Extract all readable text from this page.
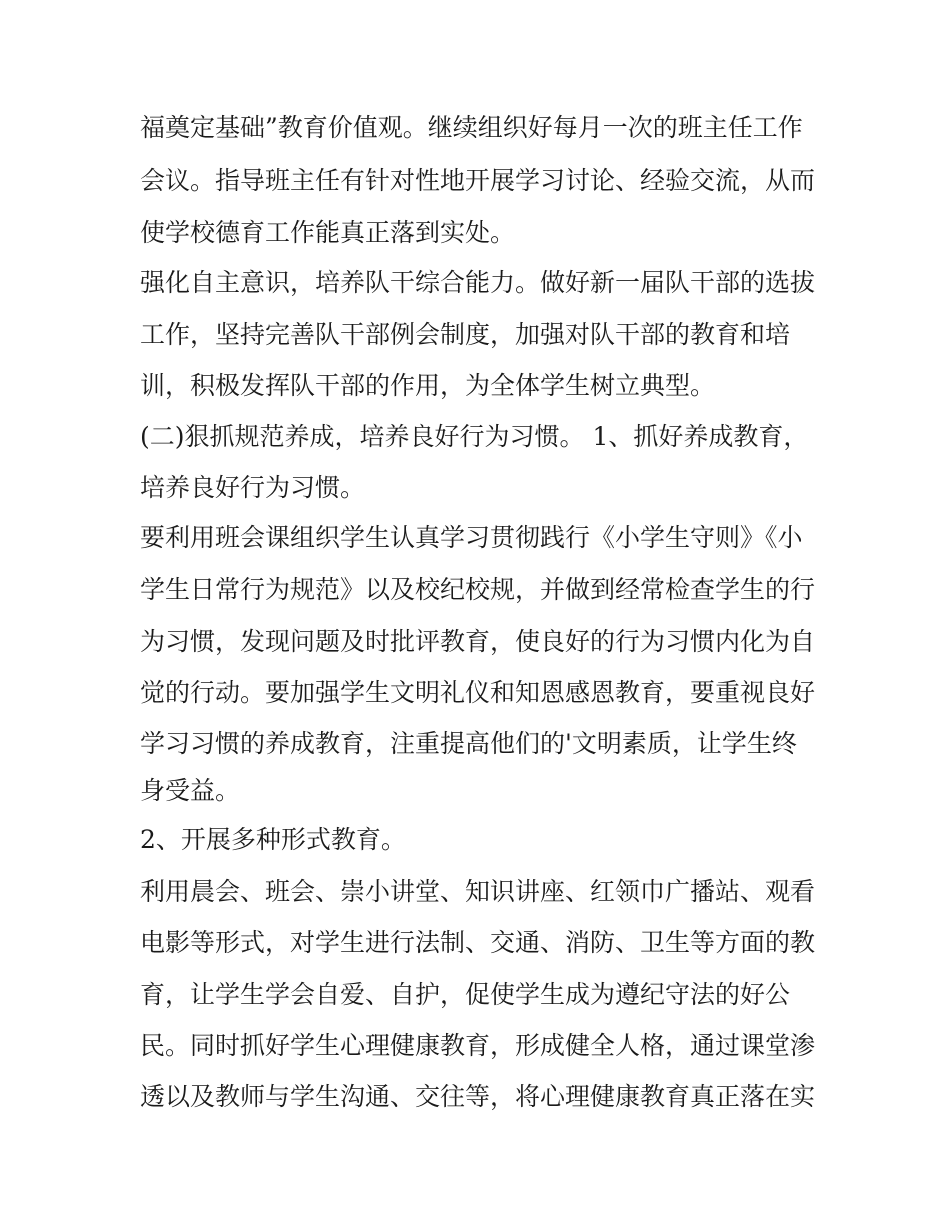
福奠定基础”教育价值观。继续组织好每月一次的班主任工作
会议。指导班主任有针对性地开展学习讨论、经验交流，从而
使学校德育工作能真正落到实处。
强化自主意识，培养队干综合能力。做好新一届队干部的选拔
工作，坚持完善队干部例会制度，加强对队干部的教育和培
训，积极发挥队干部的作用，为全体学生树立典型。
(二)狠抓规范养成，培养良好行为习惯。 1、抓好养成教育，
培养良好行为习惯。
要利用班会课组织学生认真学习贯彻践行《小学生守则》《小
学生日常行为规范》以及校纪校规，并做到经常检查学生的行
为习惯，发现问题及时批评教育，使良好的行为习惯内化为自
觉的行动。要加强学生文明礼仪和知恩感恩教育，要重视良好
学习习惯的养成教育，注重提高他们的'文明素质，让学生终
身受益。
2、开展多种形式教育。
利用晨会、班会、崇小讲堂、知识讲座、红领巾广播站、观看
电影等形式，对学生进行法制、交通、消防、卫生等方面的教
育，让学生学会自爱、自护，促使学生成为遵纪守法的好公
民。同时抓好学生心理健康教育，形成健全人格，通过课堂渗
透以及教师与学生沟通、交往等，将心理健康教育真正落在实
